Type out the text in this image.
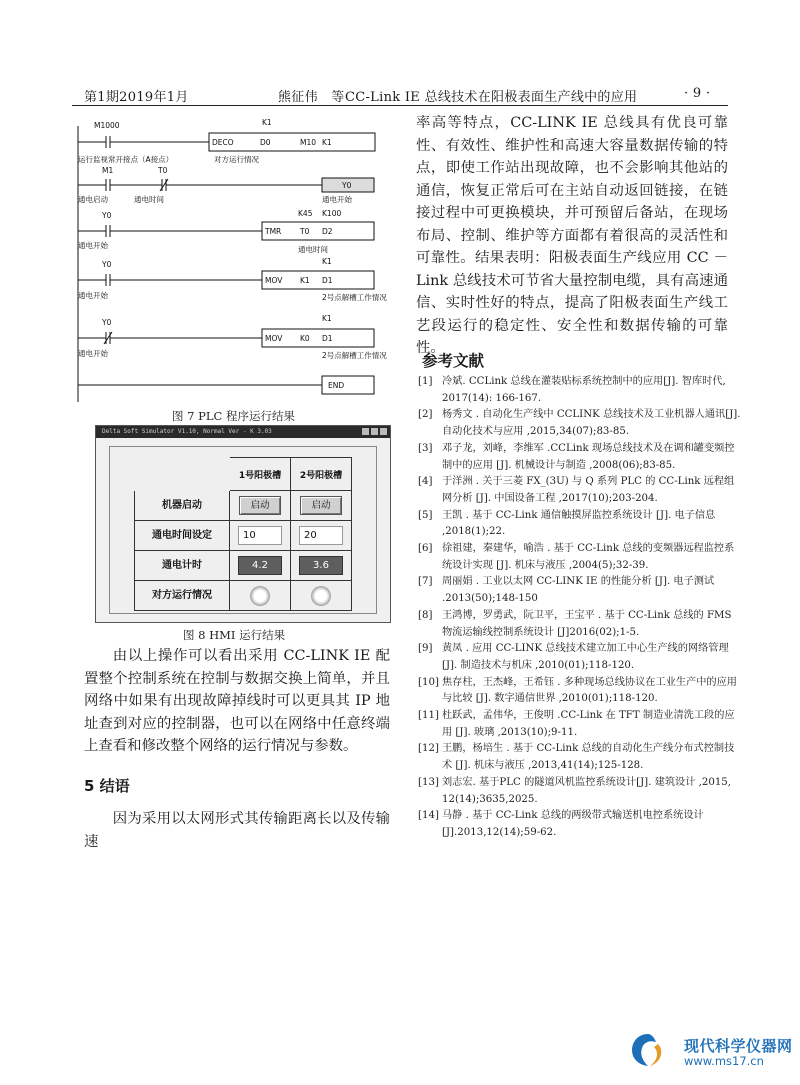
第1期2019年1月	熊征伟　等 CC-Link IE 总线技术在阳极表面生产线中的应用	· 9 ·
M1000	K1
DECO	D0	M10 K1
运行监视常开接点（A接点）	对方运行情况
M1	T0
通电启动	通电时间
Y0
通电开始
Y0	K45 K100
TMR T0 D2
通电开始	通电时间
Y0	K1
MOV K1 D1
通电开始	2号点解槽工作情况
Y0	K1
MOV K0 D1
通电开始	2号点解槽工作情况
END
图 7 PLC 程序运行结果
Delta Soft Simulator V1.10, Normal Ver - K 3.03
	1号阳极槽	2号阳极槽
机器启动	启动	启动
通电时间设定	10	20
通电计时	4.2	3.6
对方运行情况		
图 8 HMI 运行结果
由以上操作可以看出采用 CC-LINK IE 配置整个控制系统在控制与数据交换上简单，并且网络中如果有出现故障掉线时可以更具其 IP 地址查到对应的控制器，也可以在网络中任意终端上查看和修改整个网络的运行情况与参数。
5 结语
因为采用以太网形式其传输距离长以及传输速
率高等特点，CC-LINK IE 总线具有优良可靠性、有效性、维护性和高速大容量数据传输的特点，即使工作站出现故障，也不会影响其他站的通信，恢复正常后可在主站自动返回链接，在链接过程中可更换模块，并可预留后备站，在现场布局、控制、维护等方面都有着很高的灵活性和可靠性。结果表明：阳极表面生产线应用 CC － Link 总线技术可节省大量控制电缆，具有高速通信、实时性好的特点，提高了阳极表面生产线工艺段运行的稳定性、安全性和数据传输的可靠性。
参考文献
[1] 冷斌. CCLink 总线在灌装贴标系统控制中的应用[J]. 智库时代, 2017(14): 166-167.
[2] 杨秀文 . 自动化生产线中 CCLINK 总线技术及工业机器人通讯[J]. 自动化技术与应用 ,2015,34(07);83-85.
[3] 邓子龙，刘峰，李维军 .CCLink 现场总线技术及在调和罐变频控制中的应用 [J]. 机械设计与制造 ,2008(06);83-85.
[4] 于洋洲 . 关于三菱 FX_(3U) 与 Q 系列 PLC 的 CC-Link 远程组网分析 [J]. 中国设备工程 ,2017(10);203-204.
[5] 王凯 . 基于 CC-Link 通信触摸屏监控系统设计 [J]. 电子信息 ,2018(1);22.
[6] 徐祖建，秦建华，喻浩 . 基于 CC-Link 总线的变频器远程监控系统设计实现 [J]. 机床与液压 ,2004(5);32-39.
[7] 周丽娟 . 工业以太网 CC-LINK IE 的性能分析 [J]. 电子测试 .2013(50);148-150
[8] 王鸿博，罗勇武，阮卫平，王宝平 . 基于 CC-Link 总线的 FMS 物流运输线控制系统设计 [J]2016(02);1-5.
[9] 黄凤 . 应用 CC-LINK 总线技术建立加工中心生产线的网络管理 [J]. 制造技术与机床 ,2010(01);118-120.
[10] 焦存柱，王杰峰，王希钰 . 多种现场总线协议在工业生产中的应用与比较 [J]. 数字通信世界 ,2010(01);118-120.
[11] 杜跃武，孟伟华，王俊明 .CC-Link 在 TFT 制造业清洗工段的应用 [J]. 玻璃 ,2013(10);9-11.
[12] 王鹏，杨培生 . 基于 CC-Link 总线的自动化生产线分布式控制技术 [J]. 机床与液压 ,2013,41(14);125-128.
[13] 刘志宏. 基于PLC 的隧道风机监控系统设计[J]. 建筑设计 ,2015, 12(14);3635,2025.
[14] 马静 . 基于 CC-Link 总线的两级带式输送机电控系统设计 [J].2013,12(14);59-62.
现代科学仪器网
www.ms17.cn
